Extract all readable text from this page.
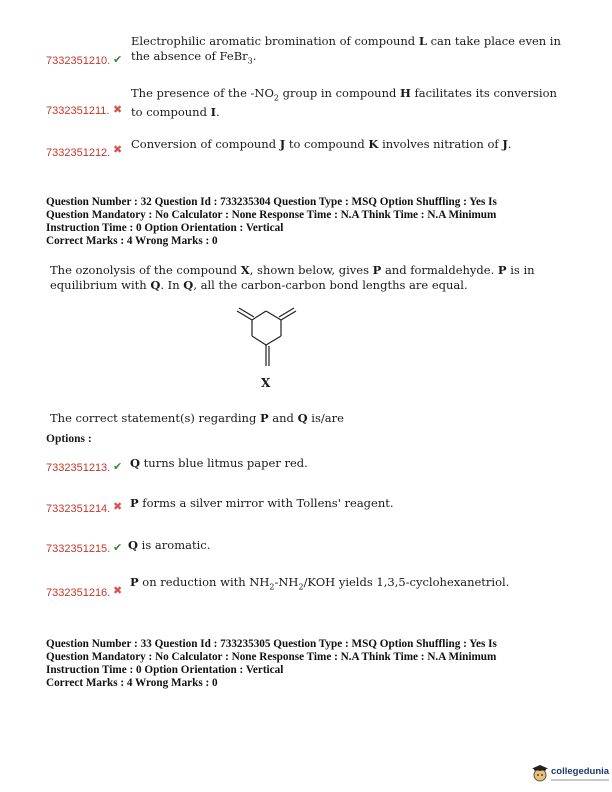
Electrophilic aromatic bromination of compound L can take place even in
the absence of FeBr$_3$.
7332351210. ✔
The presence of the $-NO_2$ group in compound H facilitates its conversion
to compound I.
7332351211. ✖
Conversion of compound J to compound K involves nitration of J.
7332351212. ✖
Question Number : 32 Question Id : 733235304 Question Type : MSQ Option Shuffling : Yes Is
Question Mandatory : No Calculator : None Response Time : N.A Think Time : N.A Minimum
Instruction Time : 0 Option Orientation : Vertical
Correct Marks : 4 Wrong Marks : 0
The ozonolysis of the compound X, shown below, gives P and formaldehyde. P is in
equilibrium with Q. In Q, all the carbon-carbon bond lengths are equal.
X
The correct statement(s) regarding P and Q is/are
Options :
7332351213. ✔ Q turns blue litmus paper red.
7332351214. ✖ P forms a silver mirror with Tollens' reagent.
7332351215. ✔ Q is aromatic.
P on reduction with $NH_2-NH_2$/KOH yields 1,3,5-cyclohexanetriol.
7332351216. ✖
Question Number : 33 Question Id : 733235305 Question Type : MSQ Option Shuffling : Yes Is
Question Mandatory : No Calculator : None Response Time : N.A Think Time : N.A Minimum
Instruction Time : 0 Option Orientation : Vertical
Correct Marks : 4 Wrong Marks : 0
collegedunia
